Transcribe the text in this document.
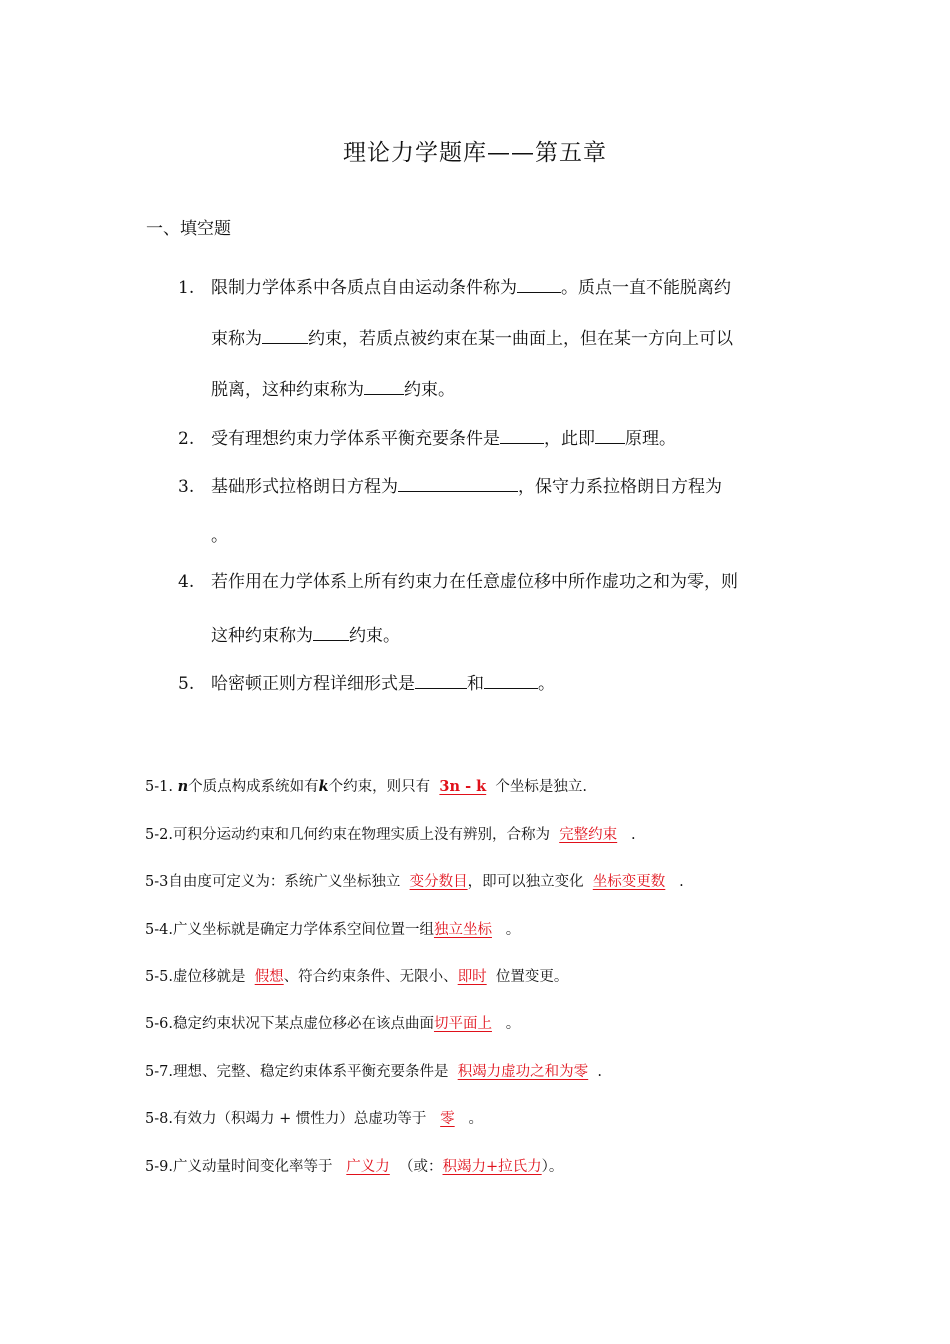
理论力学题库——第五章
一、填空题
1. 限制力学体系中各质点自由运动条件称为	。质点一直不能脱离约
束称为	约束，若质点被约束在某一曲面上，但在某一方向上可以
脱离，这种约束称为 约束。
2. 受有理想约束力学体系平衡充要条件是	，此即 原理。
3. 基础形式拉格朗日方程为	，保守力系拉格朗日方程为
。
4. 若作用在力学体系上所有约束力在任意虚位移中所作虚功之和为零，则
这种约束称为 约束。
5. 哈密顿正则方程详细形式是	和	。
5-1. n个质点构成系统如有k个约束，则只有 3n - k 个坐标是独立.
5-2.可积分运动约束和几何约束在物理实质上没有辨别，合称为 完整约束 .
5-3自由度可定义为：系统广义坐标独立 变分数目，即可以独立变化 坐标变更数 .
5-4.广义坐标就是确定力学体系空间位置一组独立坐标 。
5-5.虚位移就是 假想、符合约束条件、无限小、即时 位置变更。
5-6.稳定约束状况下某点虚位移必在该点曲面切平面上 。
5-7.理想、完整、稳定约束体系平衡充要条件是 积竭力虚功之和为零 .
5-8.有效力（积竭力 + 惯性力）总虚功等于 零 。
5-9.广义动量时间变化率等于 广义力 （或：积竭力+拉氏力）。
